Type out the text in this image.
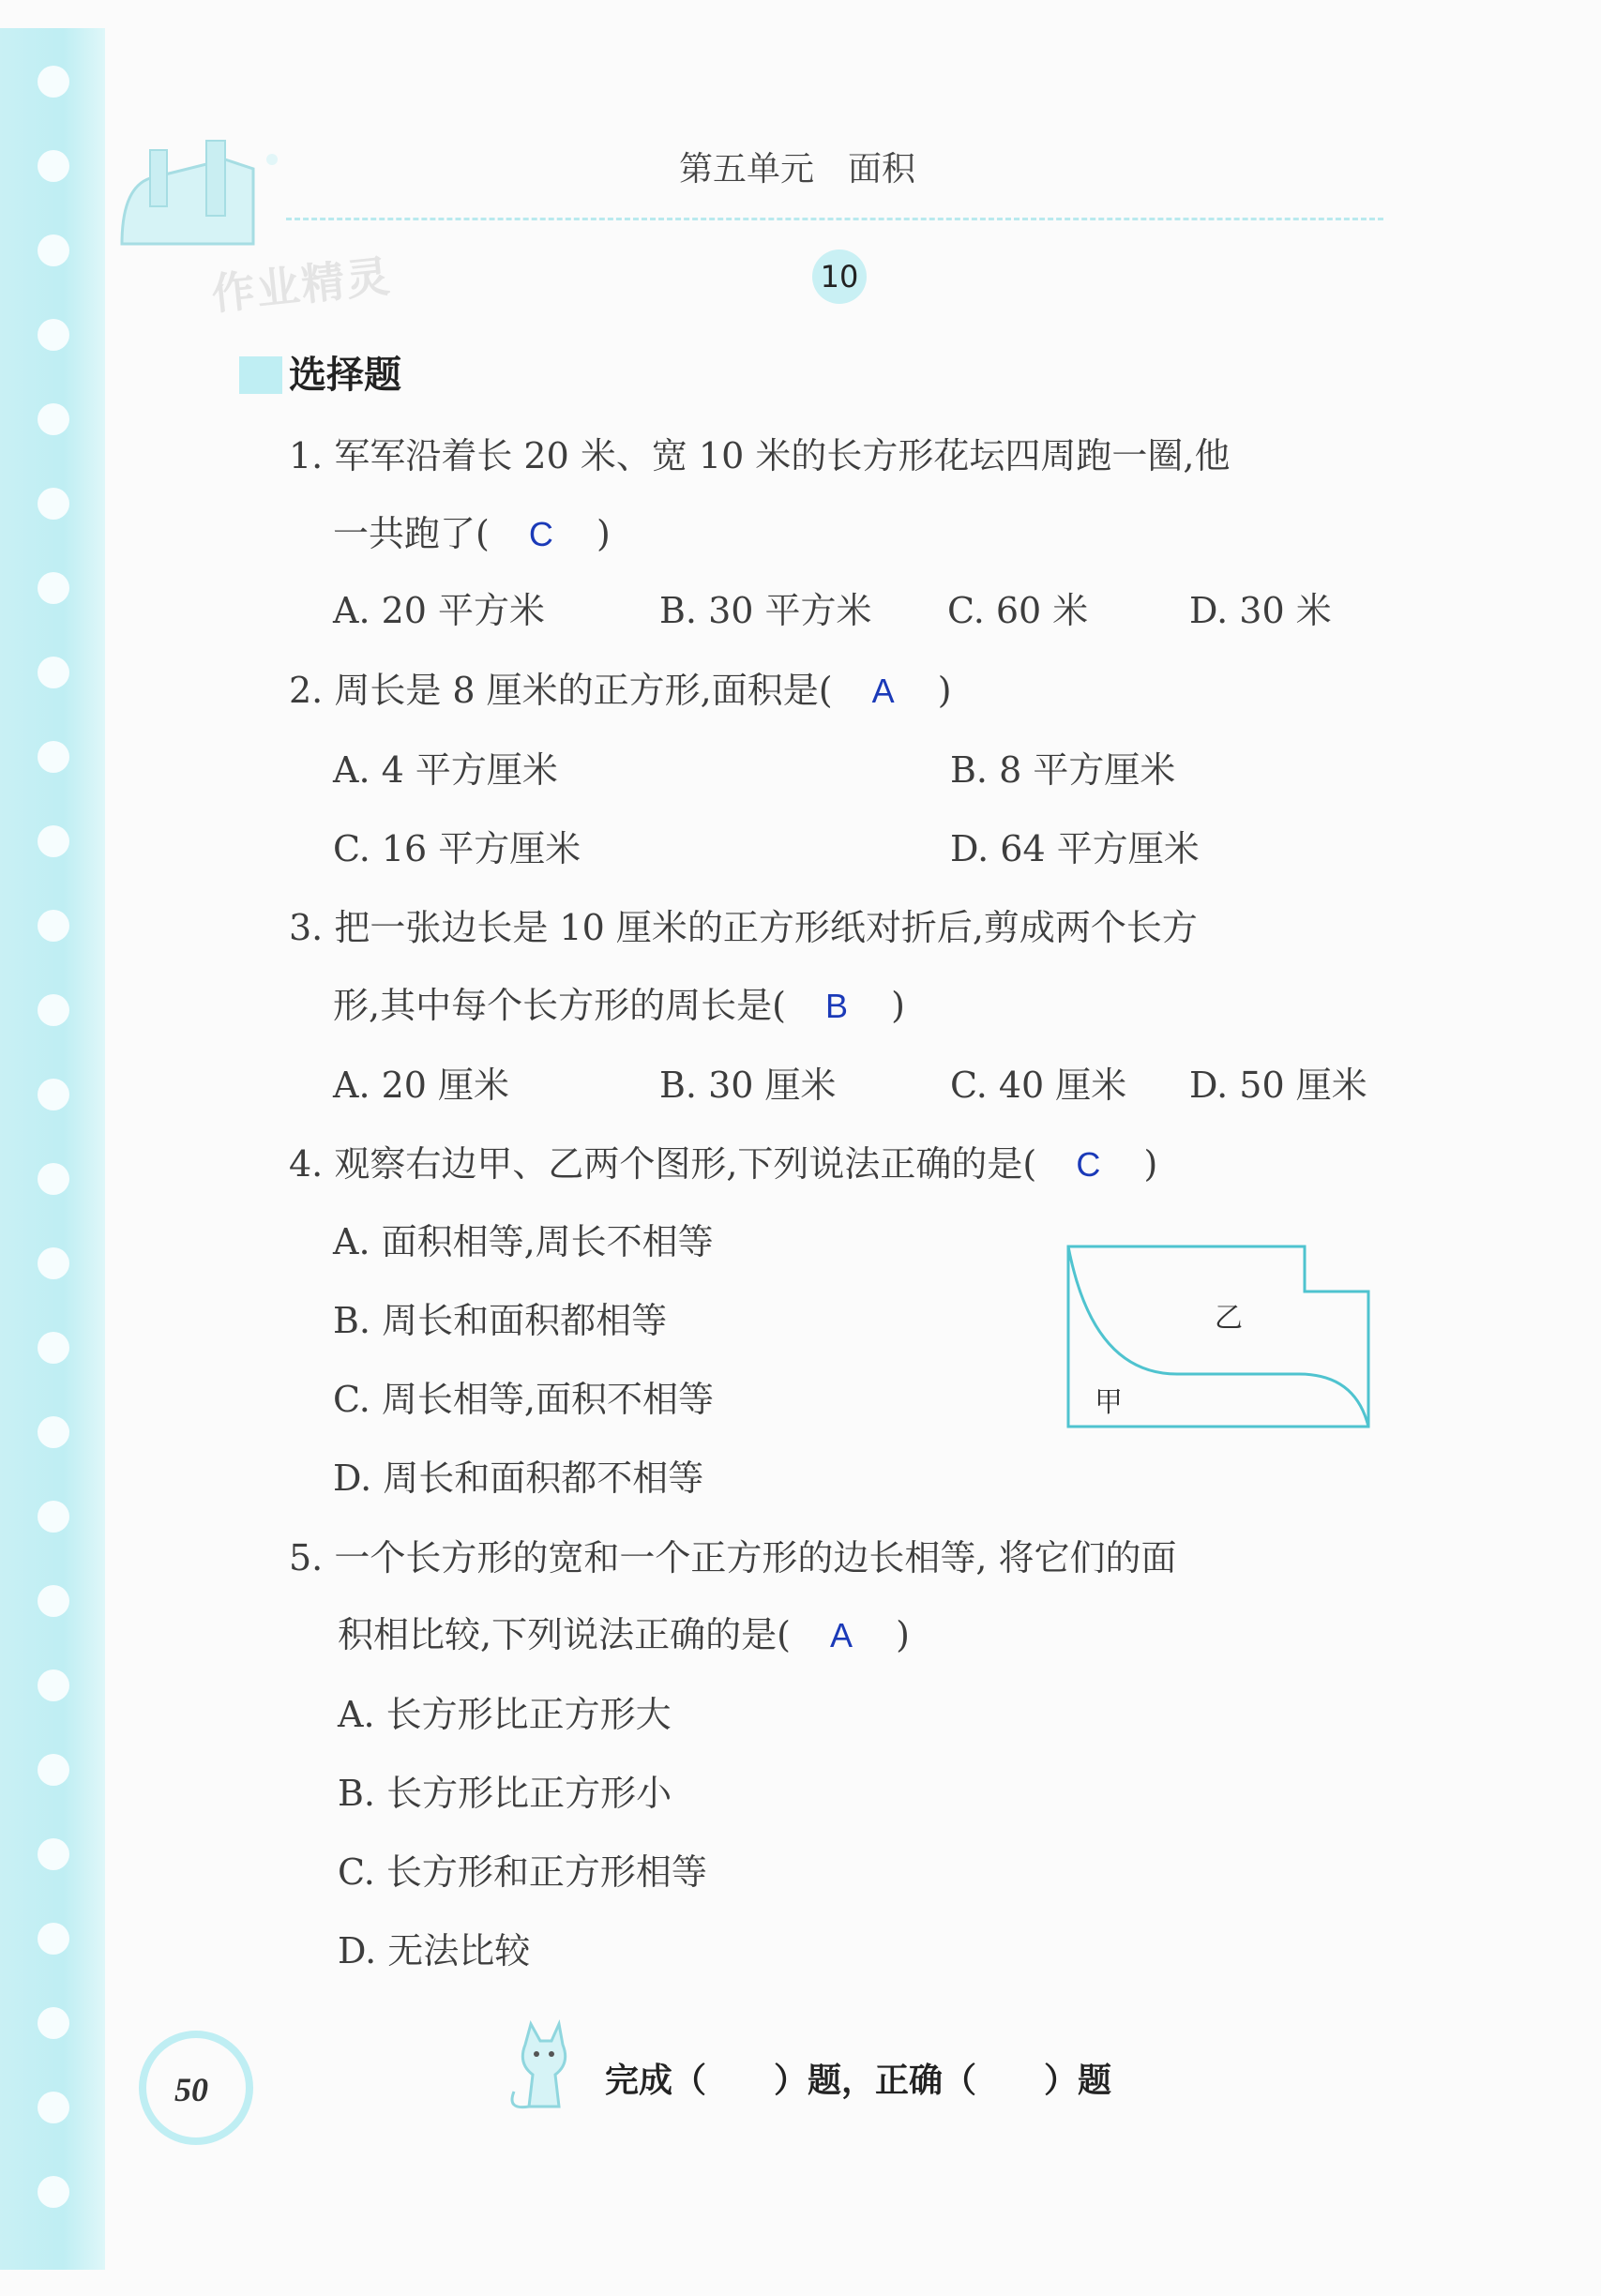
作业精灵
第五单元　面积
10
选择题
1. 军军沿着长 20 米、宽 10 米的长方形花坛四周跑一圈,他
一共跑了( C )
A. 20 平方米	B. 30 平方米 C. 60 米	D. 30 米
2. 周长是 8 厘米的正方形,面积是( A )
A. 4 平方厘米	B. 8 平方厘米
C. 16 平方厘米	D. 64 平方厘米
3. 把一张边长是 10 厘米的正方形纸对折后,剪成两个长方
形,其中每个长方形的周长是( B )
A. 20 厘米	B. 30 厘米	C. 40 厘米 D. 50 厘米
4. 观察右边甲、乙两个图形,下列说法正确的是( C )
A. 面积相等,周长不相等
B. 周长和面积都相等
C. 周长相等,面积不相等
D. 周长和面积都不相等
乙
甲
5. 一个长方形的宽和一个正方形的边长相等, 将它们的面
积相比较,下列说法正确的是( A )
A. 长方形比正方形大
B. 长方形比正方形小
C. 长方形和正方形相等
D. 无法比较
50	完成（　　）题，正确（　　）题
